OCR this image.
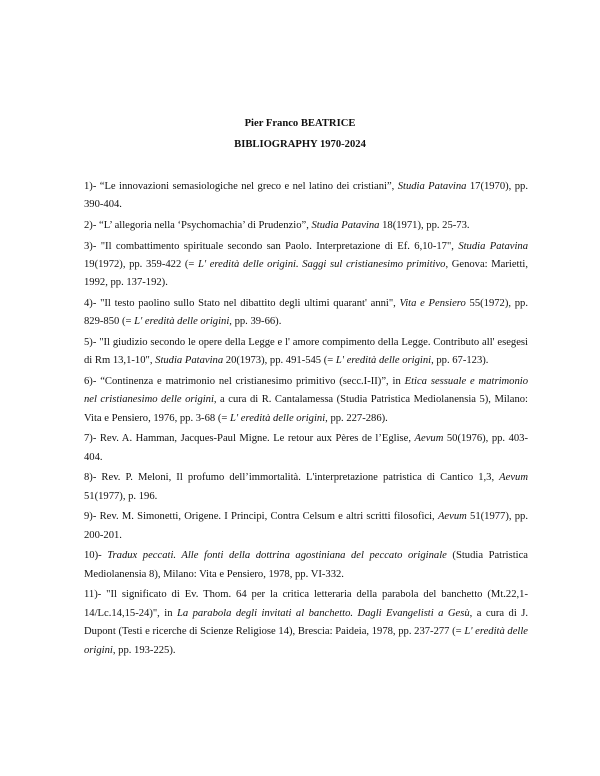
Pier Franco BEATRICE
BIBLIOGRAPHY 1970-2024

1)- “Le innovazioni semasiologiche nel greco e nel latino dei cristiani”, Studia Patavina 17(1970), pp. 390-404.

2)- “L’ allegoria nella ‘Psychomachia’ di Prudenzio”, Studia Patavina 18(1971), pp. 25-73.

3)- "Il combattimento spirituale secondo san Paolo. Interpretazione di Ef. 6,10-17", Studia Patavina 19(1972), pp. 359-422 (= L' eredità delle origini. Saggi sul cristianesimo primitivo, Genova: Marietti, 1992, pp. 137-192).

4)- "Il testo paolino sullo Stato nel dibattito degli ultimi quarant' anni", Vita e Pensiero 55(1972), pp. 829-850 (= L' eredità delle origini, pp. 39-66).

5)- "Il giudizio secondo le opere della Legge e l' amore compimento della Legge. Contributo all' esegesi di Rm 13,1-10", Studia Patavina 20(1973), pp. 491-545 (= L' eredità delle origini, pp. 67-123).

6)- “Continenza e matrimonio nel cristianesimo primitivo (secc.I-II)”, in Etica sessuale e matrimonio nel cristianesimo delle origini, a cura di R. Cantalamessa (Studia Patristica Mediolanensia 5), Milano: Vita e Pensiero, 1976, pp. 3-68 (= L' eredità delle origini, pp. 227-286).

7)- Rev. A. Hamman, Jacques-Paul Migne. Le retour aux Pères de l’Eglise, Aevum 50(1976), pp. 403-404.

8)- Rev. P. Meloni, Il profumo dell’immortalità. L'interpretazione patristica di Cantico 1,3, Aevum 51(1977), p. 196.

9)- Rev. M. Simonetti, Origene. I Principi, Contra Celsum e altri scritti filosofici, Aevum 51(1977), pp. 200-201.

10)- Tradux peccati. Alle fonti della dottrina agostiniana del peccato originale (Studia Patristica Mediolanensia 8), Milano: Vita e Pensiero, 1978, pp. VI-332.

11)- "Il significato di Ev. Thom. 64 per la critica letteraria della parabola del banchetto (Mt.22,1-14/Lc.14,15-24)", in La parabola degli invitati al banchetto. Dagli Evangelisti a Gesù, a cura di J. Dupont (Testi e ricerche di Scienze Religiose 14), Brescia: Paideia, 1978, pp. 237-277 (= L' eredità delle origini, pp. 193-225).
